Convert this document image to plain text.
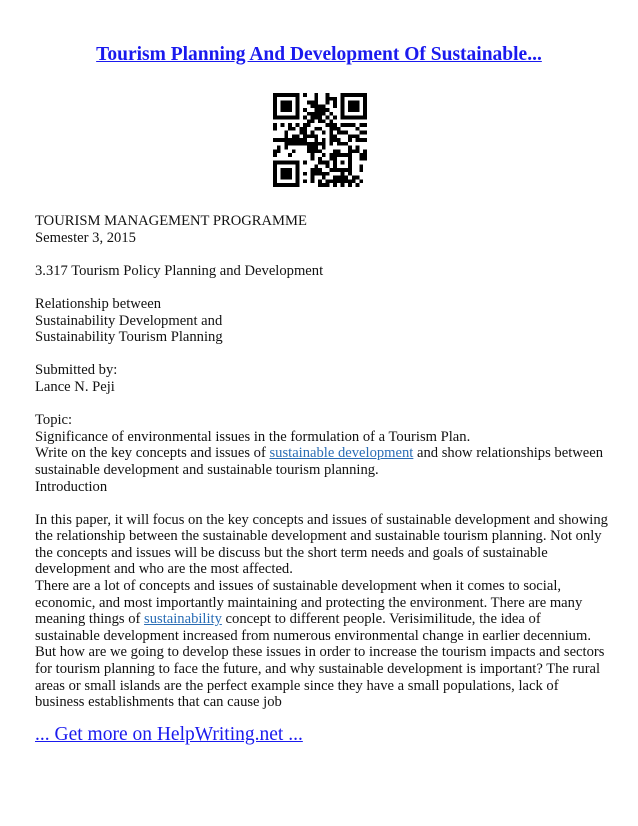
Tourism Planning And Development Of Sustainable...

TOURISM MANAGEMENT PROGRAMME
Semester 3, 2015

3.317 Tourism Policy Planning and Development

Relationship between
Sustainability Development and
Sustainability Tourism Planning

Submitted by:
Lance N. Peji

Topic:
Significance of environmental issues in the formulation of a Tourism Plan.
Write on the key concepts and issues of sustainable development and show relationships between sustainable development and sustainable tourism planning.
Introduction

In this paper, it will focus on the key concepts and issues of sustainable development and showing the relationship between the sustainable development and sustainable tourism planning. Not only the concepts and issues will be discuss but the short term needs and goals of sustainable development and who are the most affected.

There are a lot of concepts and issues of sustainable development when it comes to social, economic, and most importantly maintaining and protecting the environment. There are many meaning things of sustainability concept to different people. Verisimilitude, the idea of sustainable development increased from numerous environmental change in earlier decennium. But how are we going to develop these issues in order to increase the tourism impacts and sectors for tourism planning to face the future, and why sustainable development is important? The rural areas or small islands are the perfect example since they have a small populations, lack of business establishments that can cause job

... Get more on HelpWriting.net ...
